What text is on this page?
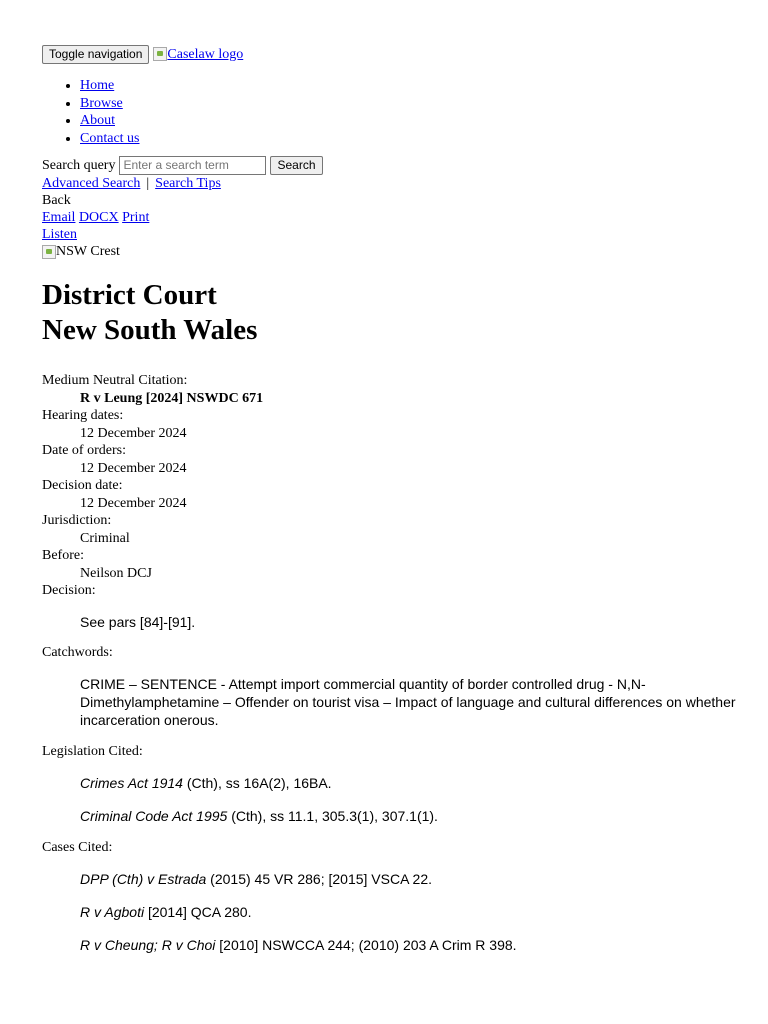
Toggle navigation	Caselaw logo
• Home
• Browse
• About
• Contact us
Search query
Enter a search term	Search
Advanced Search | Search Tips
Back
Email DOCX Print
Listen
NSW Crest
District Court
New South Wales
Medium Neutral Citation:
R v Leung [2024] NSWDC 671
Hearing dates:
12 December 2024
Date of orders:
12 December 2024
Decision date:
12 December 2024
Jurisdiction:
Criminal
Before:
Neilson DCJ
Decision:

See pars [84]-[91].

Catchwords:

CRIME – SENTENCE - Attempt import commercial quantity of border controlled drug - N,N-Dimethylamphetamine – Offender on tourist visa – Impact of language and cultural differences on whether incarceration onerous.

Legislation Cited:

Crimes Act 1914 (Cth), ss 16A(2), 16BA.

Criminal Code Act 1995 (Cth), ss 11.1, 305.3(1), 307.1(1).

Cases Cited:

DPP (Cth) v Estrada (2015) 45 VR 286; [2015] VSCA 22.

R v Agboti [2014] QCA 280.

R v Cheung; R v Choi [2010] NSWCCA 244; (2010) 203 A Crim R 398.
